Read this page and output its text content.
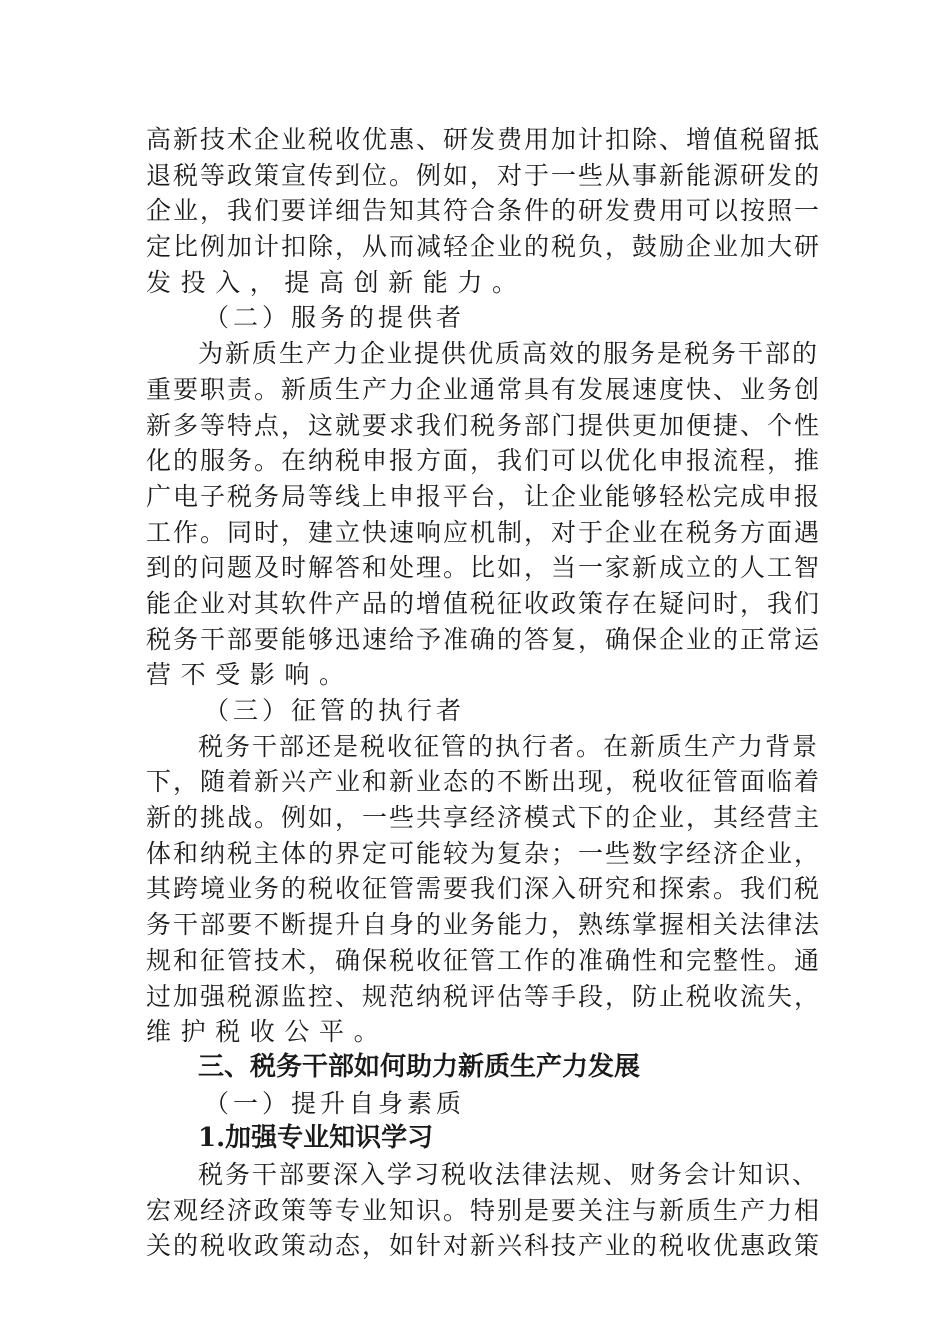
高新技术企业税收优惠、研发费用加计扣除、增值税留抵
退税等政策宣传到位。例如，对于一些从事新能源研发的
企业，我们要详细告知其符合条件的研发费用可以按照一
定比例加计扣除，从而减轻企业的税负，鼓励企业加大研
发投入，提高创新能力。
（二）服务的提供者
为新质生产力企业提供优质高效的服务是税务干部的
重要职责。新质生产力企业通常具有发展速度快、业务创
新多等特点，这就要求我们税务部门提供更加便捷、个性
化的服务。在纳税申报方面，我们可以优化申报流程，推
广电子税务局等线上申报平台，让企业能够轻松完成申报
工作。同时，建立快速响应机制，对于企业在税务方面遇
到的问题及时解答和处理。比如，当一家新成立的人工智
能企业对其软件产品的增值税征收政策存在疑问时，我们
税务干部要能够迅速给予准确的答复，确保企业的正常运
营不受影响。
（三）征管的执行者
税务干部还是税收征管的执行者。在新质生产力背景
下，随着新兴产业和新业态的不断出现，税收征管面临着
新的挑战。例如，一些共享经济模式下的企业，其经营主
体和纳税主体的界定可能较为复杂；一些数字经济企业，
其跨境业务的税收征管需要我们深入研究和探索。我们税
务干部要不断提升自身的业务能力，熟练掌握相关法律法
规和征管技术，确保税收征管工作的准确性和完整性。通
过加强税源监控、规范纳税评估等手段，防止税收流失，
维护税收公平。
三、税务干部如何助力新质生产力发展
（一）提升自身素质
1.加强专业知识学习
税务干部要深入学习税收法律法规、财务会计知识、
宏观经济政策等专业知识。特别是要关注与新质生产力相
关的税收政策动态，如针对新兴科技产业的税收优惠政策
